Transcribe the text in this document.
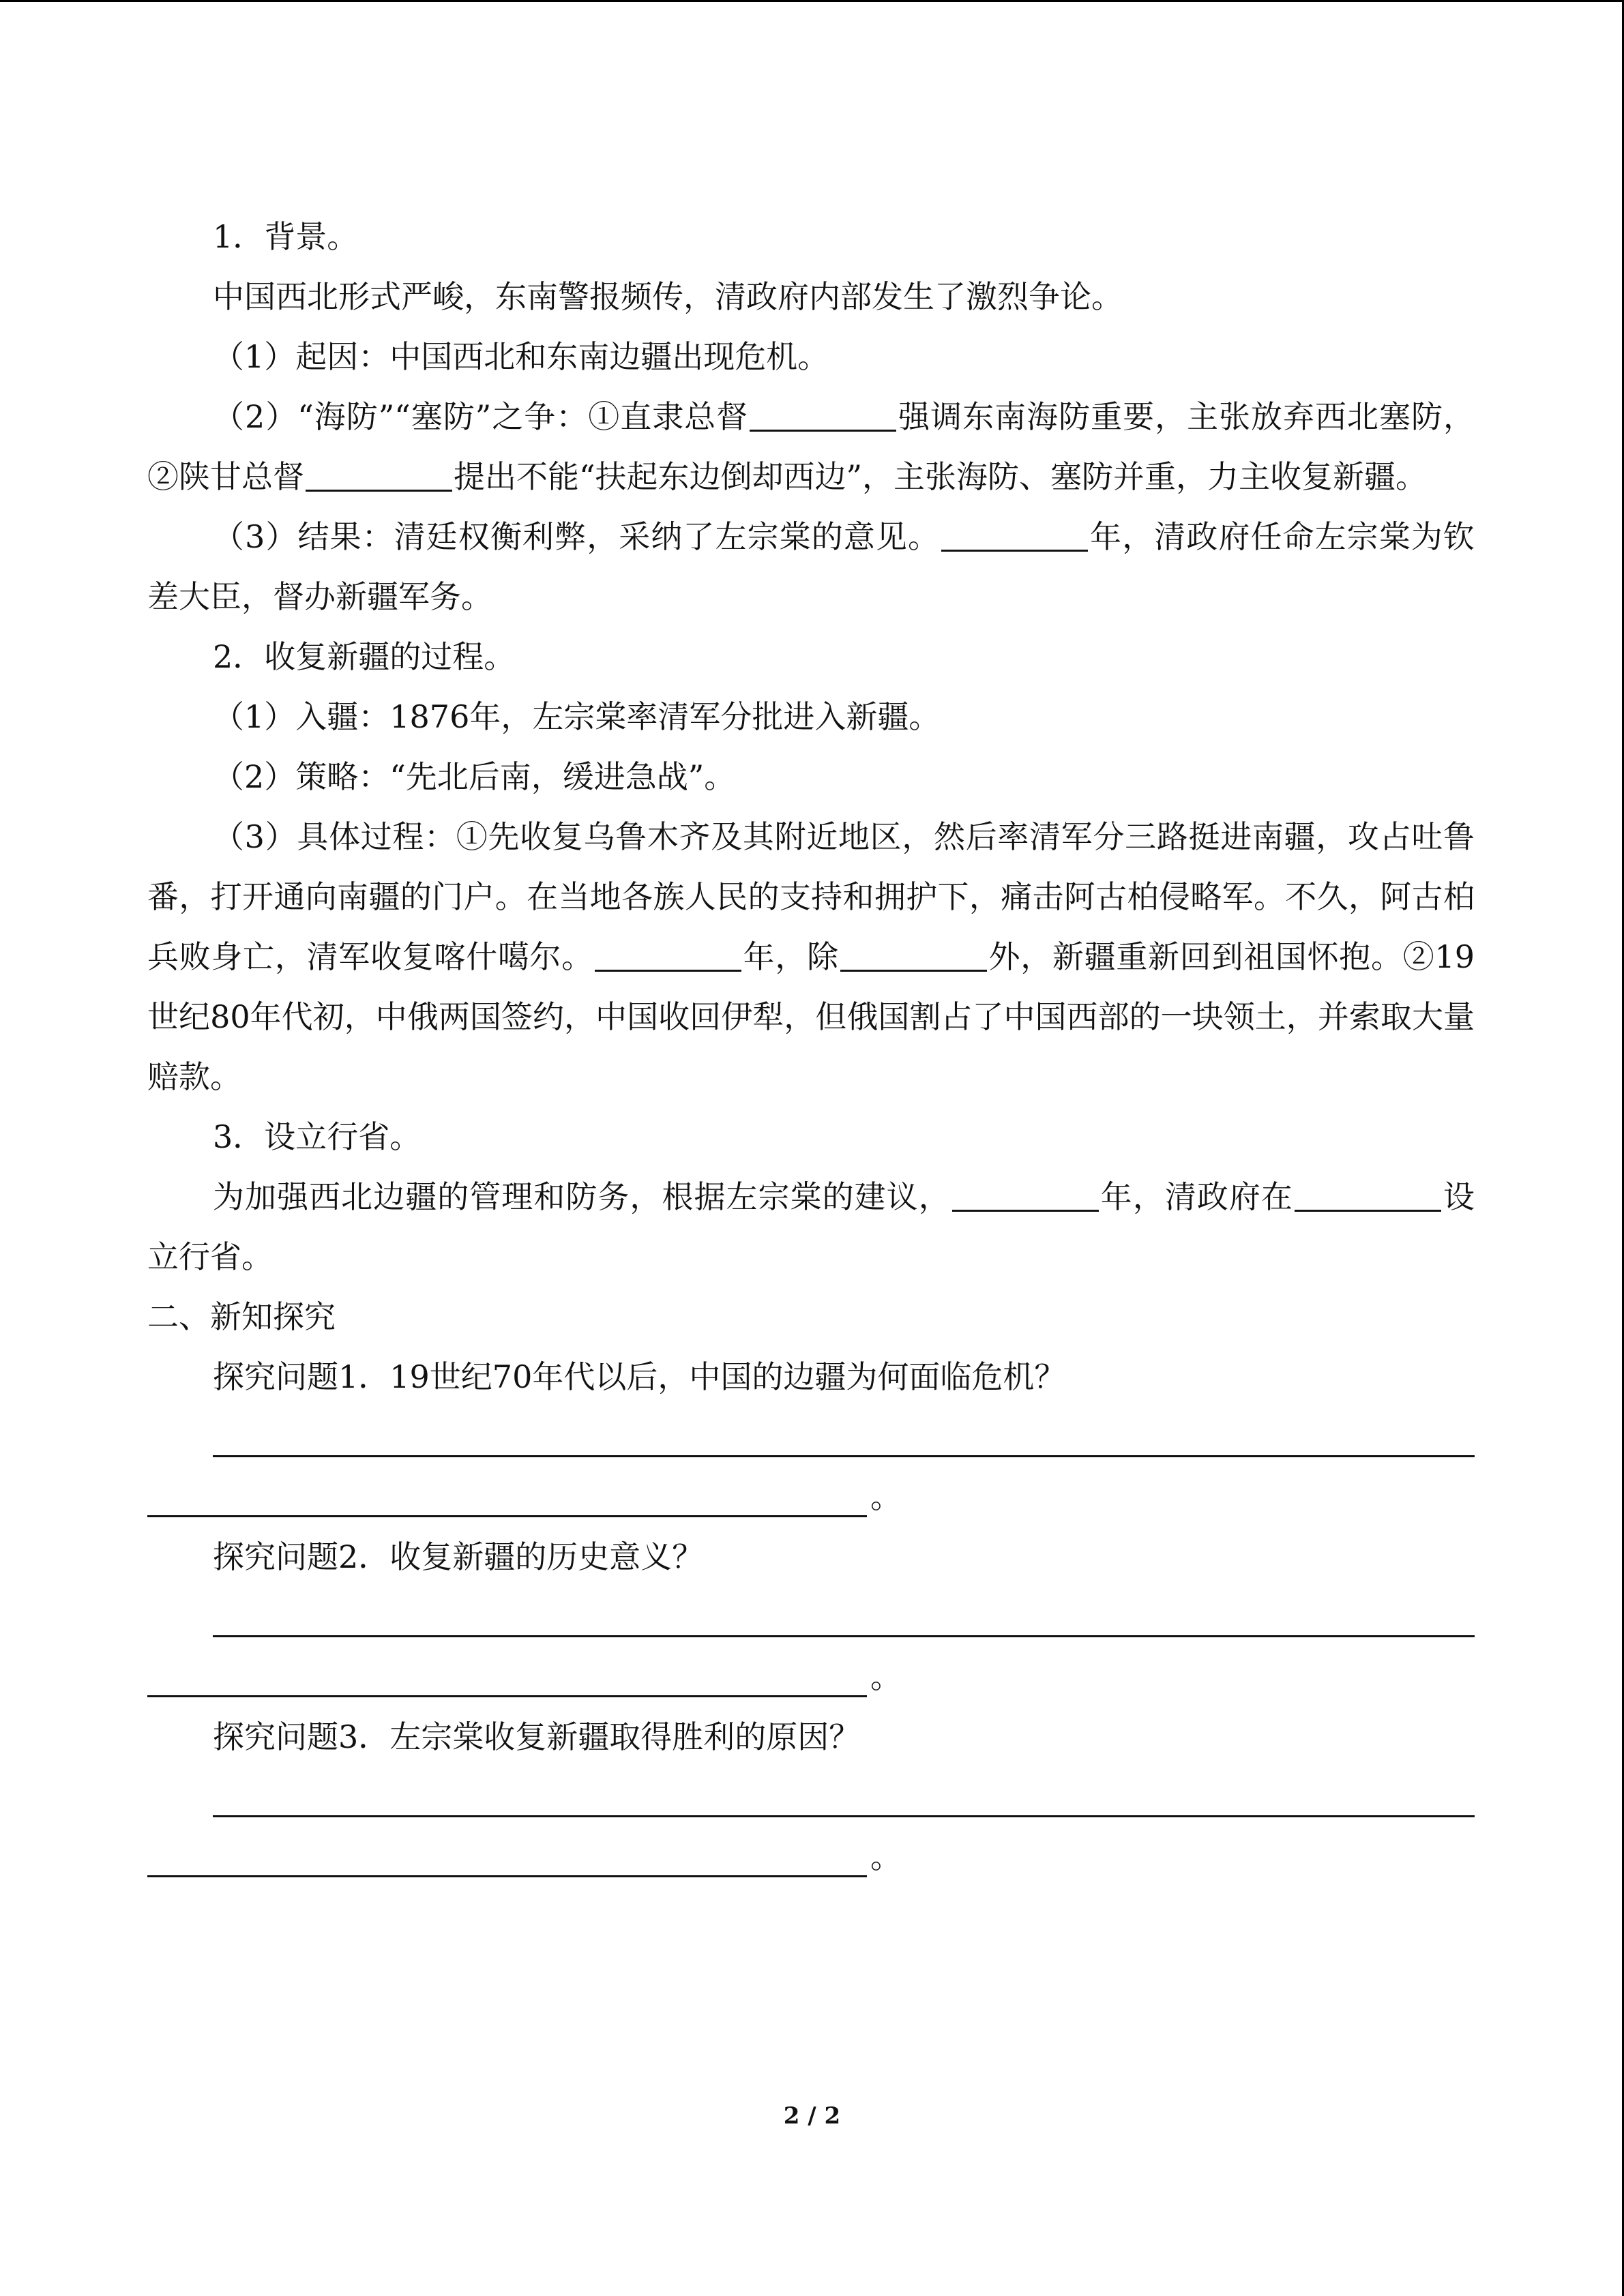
1．背景。

中国西北形式严峻，东南警报频传，清政府内部发生了激烈争论。

（1）起因：中国西北和东南边疆出现危机。

（2）“海防”“塞防”之争：①直隶总督	强调东南海防重要，主张放弃西北塞防，②陕甘总督	提出不能“扶起东边倒却西边”，主张海防、塞防并重，力主收复新疆。

（3）结果：清廷权衡利弊，采纳了左宗棠的意见。	年，清政府任命左宗棠为钦差大臣，督办新疆军务。

2．收复新疆的过程。

（1）入疆：1876年，左宗棠率清军分批进入新疆。

（2）策略：“先北后南，缓进急战”。

（3）具体过程：①先收复乌鲁木齐及其附近地区，然后率清军分三路挺进南疆，攻占吐鲁番，打开通向南疆的门户。在当地各族人民的支持和拥护下，痛击阿古柏侵略军。不久，阿古柏兵败身亡，清军收复喀什噶尔。	年，除	外，新疆重新回到祖国怀抱。②19世纪80年代初，中俄两国签约，中国收回伊犁，但俄国割占了中国西部的一块领土，并索取大量赔款。

3．设立行省。

为加强西北边疆的管理和防务，根据左宗棠的建议，	年，清政府在	设立行省。

二、新知探究

探究问题1．19世纪70年代以后，中国的边疆为何面临危机？

。

探究问题2．收复新疆的历史意义？

。

探究问题3．左宗棠收复新疆取得胜利的原因？

。
2 / 2
